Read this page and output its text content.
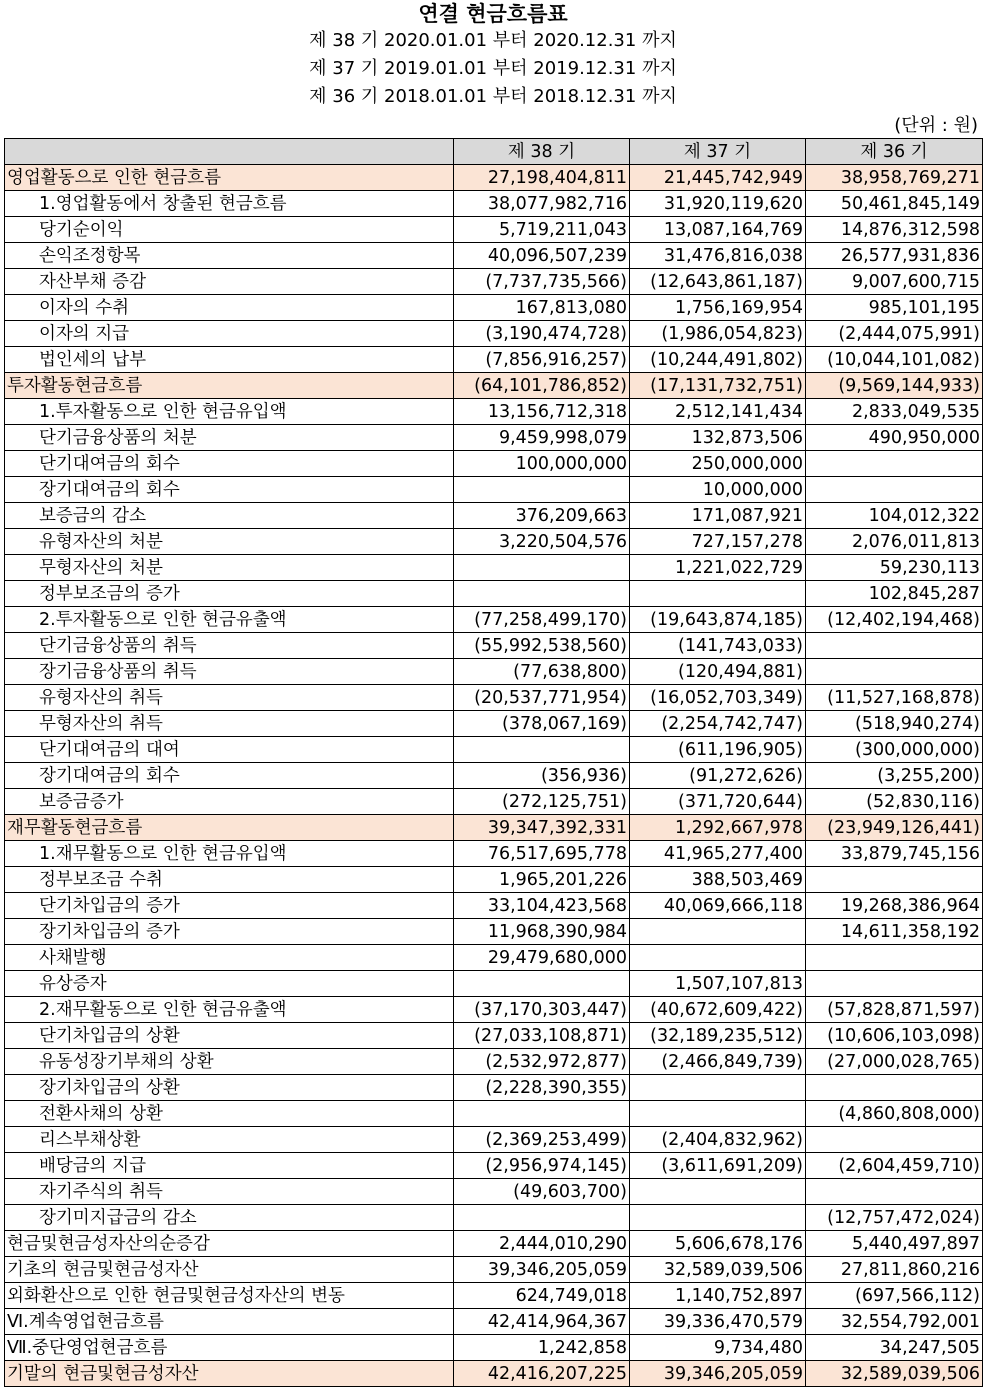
연결 현금흐름표
제 38 기 2020.01.01 부터 2020.12.31 까지
제 37 기 2019.01.01 부터 2019.12.31 까지
제 36 기 2018.01.01 부터 2018.12.31 까지
(단위 : 원)
	제 38 기	제 37 기	제 36 기
영업활동으로 인한 현금흐름	27,198,404,811	21,445,742,949	38,958,769,271
1.영업활동에서 창출된 현금흐름	38,077,982,716	31,920,119,620	50,461,845,149
당기순이익	5,719,211,043	13,087,164,769	14,876,312,598
손익조정항목	40,096,507,239	31,476,816,038	26,577,931,836
자산부채 증감	(7,737,735,566)	(12,643,861,187)	9,007,600,715
이자의 수취	167,813,080	1,756,169,954	985,101,195
이자의 지급	(3,190,474,728)	(1,986,054,823)	(2,444,075,991)
법인세의 납부	(7,856,916,257)	(10,244,491,802)	(10,044,101,082)
투자활동현금흐름	(64,101,786,852)	(17,131,732,751)	(9,569,144,933)
1.투자활동으로 인한 현금유입액	13,156,712,318	2,512,141,434	2,833,049,535
단기금융상품의 처분	9,459,998,079	132,873,506	490,950,000
단기대여금의 회수	100,000,000	250,000,000	
장기대여금의 회수		10,000,000	
보증금의 감소	376,209,663	171,087,921	104,012,322
유형자산의 처분	3,220,504,576	727,157,278	2,076,011,813
무형자산의 처분		1,221,022,729	59,230,113
정부보조금의 증가			102,845,287
2.투자활동으로 인한 현금유출액	(77,258,499,170)	(19,643,874,185)	(12,402,194,468)
단기금융상품의 취득	(55,992,538,560)	(141,743,033)	
장기금융상품의 취득	(77,638,800)	(120,494,881)	
유형자산의 취득	(20,537,771,954)	(16,052,703,349)	(11,527,168,878)
무형자산의 취득	(378,067,169)	(2,254,742,747)	(518,940,274)
단기대여금의 대여		(611,196,905)	(300,000,000)
장기대여금의 회수	(356,936)	(91,272,626)	(3,255,200)
보증금증가	(272,125,751)	(371,720,644)	(52,830,116)
재무활동현금흐름	39,347,392,331	1,292,667,978	(23,949,126,441)
1.재무활동으로 인한 현금유입액	76,517,695,778	41,965,277,400	33,879,745,156
정부보조금 수취	1,965,201,226	388,503,469	
단기차입금의 증가	33,104,423,568	40,069,666,118	19,268,386,964
장기차입금의 증가	11,968,390,984		14,611,358,192
사채발행	29,479,680,000		
유상증자		1,507,107,813	
2.재무활동으로 인한 현금유출액	(37,170,303,447)	(40,672,609,422)	(57,828,871,597)
단기차입금의 상환	(27,033,108,871)	(32,189,235,512)	(10,606,103,098)
유동성장기부채의 상환	(2,532,972,877)	(2,466,849,739)	(27,000,028,765)
장기차입금의 상환	(2,228,390,355)		
전환사채의 상환			(4,860,808,000)
리스부채상환	(2,369,253,499)	(2,404,832,962)	
배당금의 지급	(2,956,974,145)	(3,611,691,209)	(2,604,459,710)
자기주식의 취득	(49,603,700)		
장기미지급금의 감소			(12,757,472,024)
현금및현금성자산의순증감	2,444,010,290	5,606,678,176	5,440,497,897
기초의 현금및현금성자산	39,346,205,059	32,589,039,506	27,811,860,216
외화환산으로 인한 현금및현금성자산의 변동	624,749,018	1,140,752,897	(697,566,112)
Ⅵ.계속영업현금흐름	42,414,964,367	39,336,470,579	32,554,792,001
Ⅶ.중단영업현금흐름	1,242,858	9,734,480	34,247,505
기말의 현금및현금성자산	42,416,207,225	39,346,205,059	32,589,039,506
